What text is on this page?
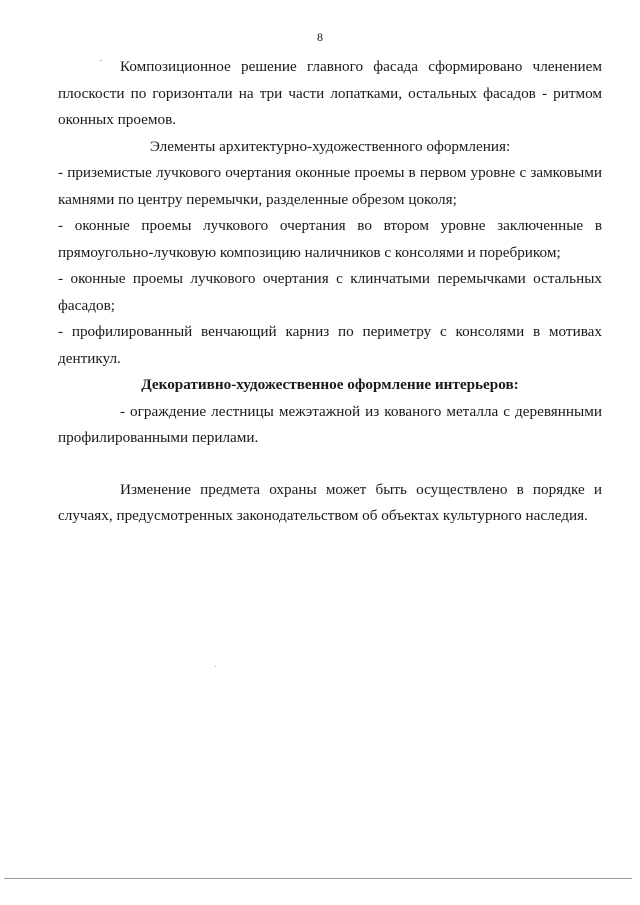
8

Композиционное решение главного фасада сформировано членением плоскости по горизонтали на три части лопатками, остальных фасадов - ритмом оконных проемов.

Элементы архитектурно-художественного оформления:

- приземистые лучкового очертания оконные проемы в первом уровне с замковыми камнями по центру перемычки, разделенные обрезом цоколя;

- оконные проемы лучкового очертания во втором уровне заключенные в прямоугольно-лучковую композицию наличников с консолями и поребриком;

- оконные проемы лучкового очертания с клинчатыми перемычками остальных фасадов;

- профилированный венчающий карниз по периметру с консолями в мотивах дентикул.

Декоративно-художественное оформление интерьеров:

- ограждение лестницы межэтажной из кованого металла с деревянными профилированными перилами.

Изменение предмета охраны может быть осуществлено в порядке и случаях, предусмотренных законодательством об объектах культурного наследия.
